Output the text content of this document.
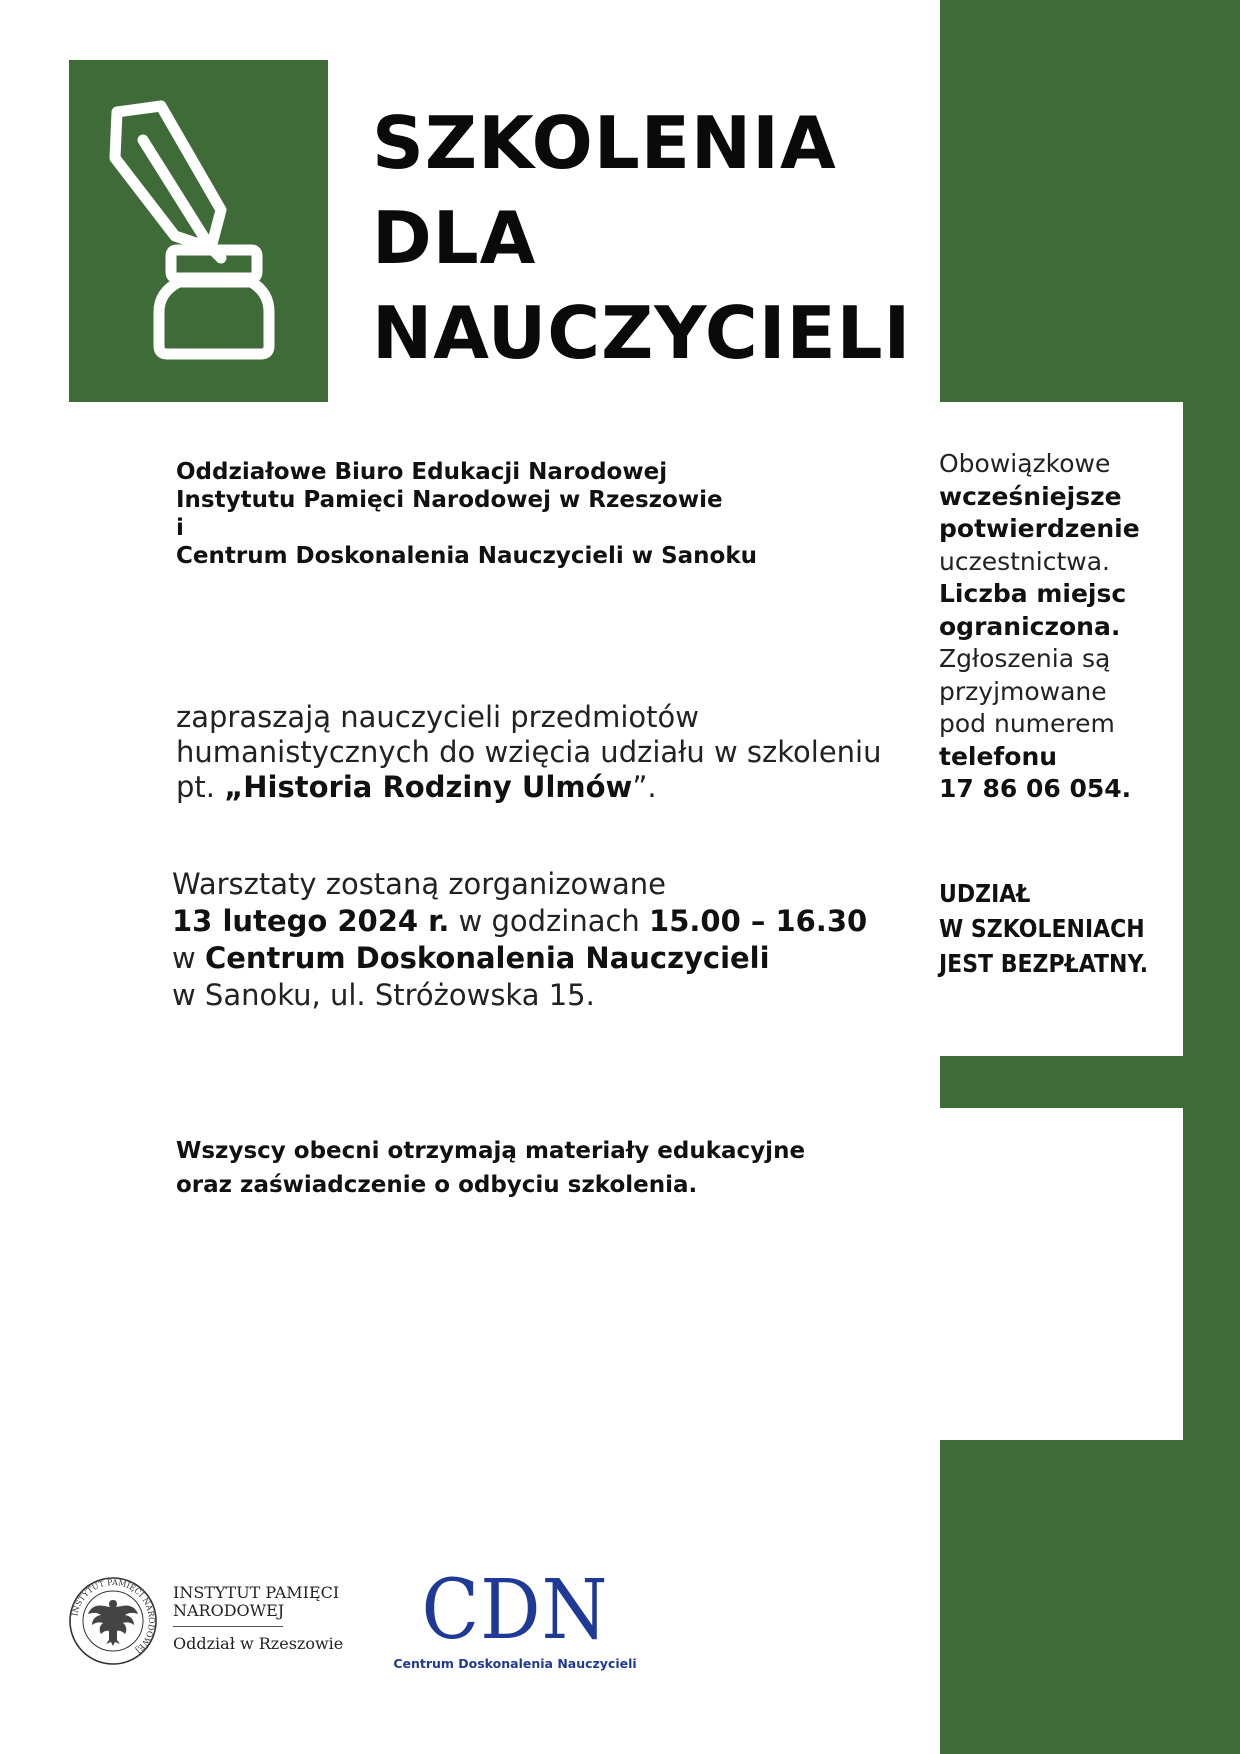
SZKOLENIA
DLA
NAUCZYCIELI
Oddziałowe Biuro Edukacji Narodowej
Instytutu Pamięci Narodowej w Rzeszowie
i
Centrum Doskonalenia Nauczycieli w Sanoku
zapraszają nauczycieli przedmiotów
humanistycznych do wzięcia udziału w szkoleniu
pt. „Historia Rodziny Ulmów”.
Warsztaty zostaną zorganizowane
13 lutego 2024 r. w godzinach 15.00 – 16.30
w Centrum Doskonalenia Nauczycieli
w Sanoku, ul. Stróżowska 15.
Wszyscy obecni otrzymają materiały edukacyjne
oraz zaświadczenie o odbyciu szkolenia.
Obowiązkowe
wcześniejsze
potwierdzenie
uczestnictwa.
Liczba miejsc
ograniczona.
Zgłoszenia są
przyjmowane
pod numerem
telefonu
17 86 06 054.
UDZIAŁ
W SZKOLENIACH
JEST BEZPŁATNY.
INSTYTUT PAMIĘCI NARODOWEJ
INSTYTUT PAMIĘCI
NARODOWEJ
Oddział w Rzeszowie CDN
Centrum Doskonalenia Nauczycieli
